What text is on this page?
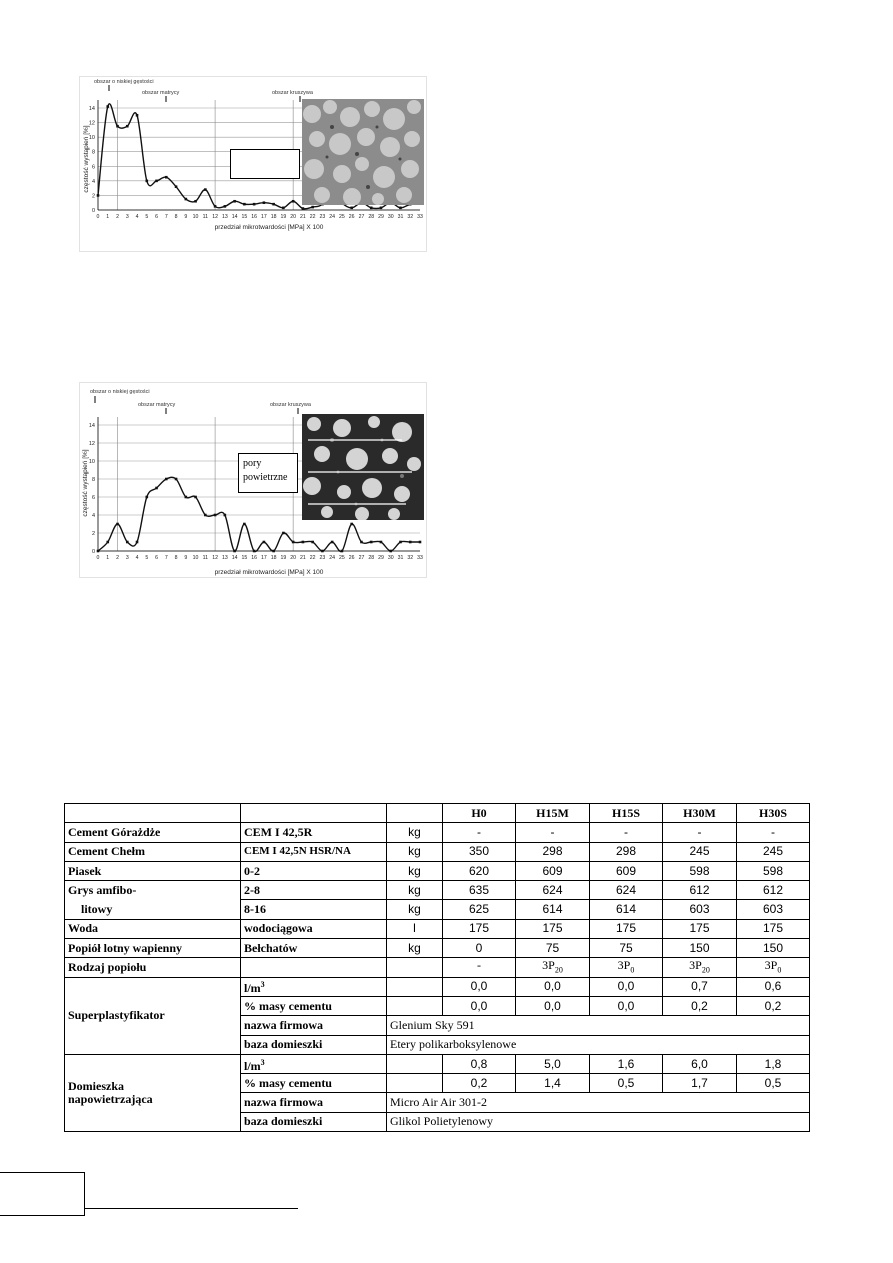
obszar o niskiej gęstości
obszar matrycy	obszar kruszywa
0
2
4
6
8
10
12
14
0 1 2 3 4 5 6 7 8 9 10 11 12 13 14 15 16 17 18 19 20 21 22 23 24 25 26 27 28 29 30 31 32 33
przedział mikrotwardości [MPa] X 100
częstość wystąpień [%]
obszar o niskiej gęstości
obszar matrycy	obszar kruszywa
0
2
4
6
8
10
12
14
0 1 2 3 4 5 6 7 8 9 10 11 12 13 14 15 16 17 18 19 20 21 22 23 24 25 26 27 28 29 30 31 32 33
przedział mikrotwardości [MPa] X 100
częstość wystąpień [%]	pory powietrzne
			H0	H15M	H15S	H30M	H30S
Cement Górażdże	CEM I 42,5R	kg	-	-	-	-	-
Cement Chełm	CEM I 42,5N HSR/NA	kg	350	298	298	245	245
Piasek	0-2	kg	620	609	609	598	598
Grys amfibo-	2-8	kg	635	624	624	612	612
litowy	8-16	kg	625	614	614	603	603
Woda	wodociągowa	l	175	175	175	175	175
Popiół lotny wapienny	Bełchatów	kg	0	75	75	150	150
Rodzaj popiołu			-	$3P_{20}$	$3P_0$	$3P_{20}$	$3P_0$
Superplastyfikator	$l/m^3$		0,0	0,0	0,0	0,7	0,6
	% masy cementu		0,0	0,0	0,0	0,2	0,2
	nazwa firmowa	Glenium Sky 591					
	baza domieszki	Etery polikarboksylenowe					
Domieszka
napowietrzająca	$l/m^3$		0,8	5,0	1,6	6,0	1,8
	% masy cementu		0,2	1,4	0,5	1,7	0,5
	nazwa firmowa	Micro Air Air 301-2					
	baza domieszki	Glikol Polietylenowy					
